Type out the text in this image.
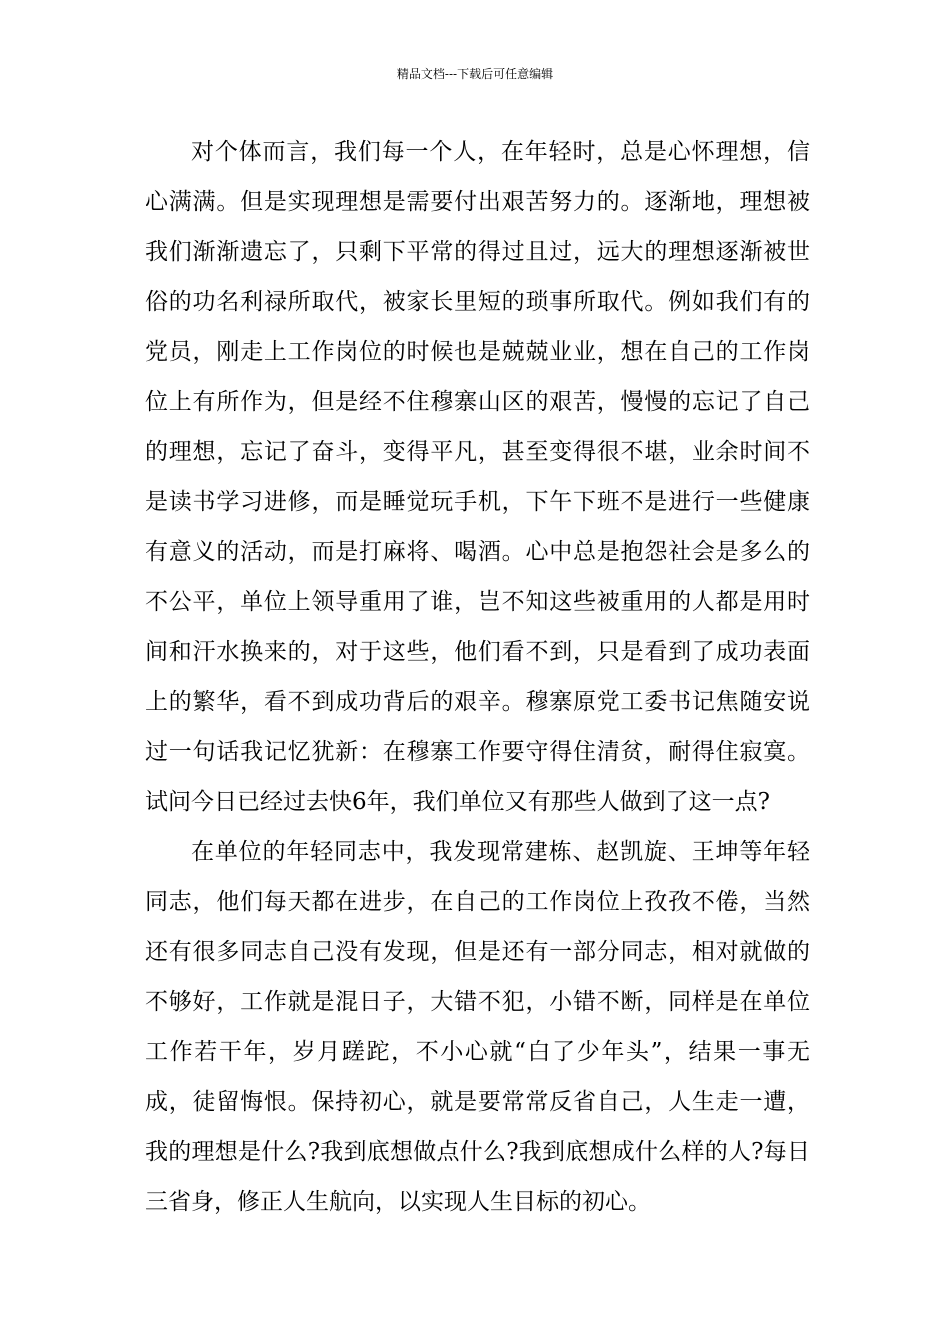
精品文档---下载后可任意编辑

对个体而言，我们每一个人，在年轻时，总是心怀理想，信心满满。但是实现理想是需要付出艰苦努力的。逐渐地，理想被我们渐渐遗忘了，只剩下平常的得过且过，远大的理想逐渐被世俗的功名利禄所取代，被家长里短的琐事所取代。例如我们有的党员，刚走上工作岗位的时候也是兢兢业业，想在自己的工作岗位上有所作为，但是经不住穆寨山区的艰苦，慢慢的忘记了自己的理想，忘记了奋斗，变得平凡，甚至变得很不堪，业余时间不是读书学习进修，而是睡觉玩手机，下午下班不是进行一些健康有意义的活动，而是打麻将、喝酒。心中总是抱怨社会是多么的不公平，单位上领导重用了谁，岂不知这些被重用的人都是用时间和汗水换来的，对于这些，他们看不到，只是看到了成功表面上的繁华，看不到成功背后的艰辛。穆寨原党工委书记焦随安说过一句话我记忆犹新：在穆寨工作要守得住清贫，耐得住寂寞。试问今日已经过去快6年，我们单位又有那些人做到了这一点?

在单位的年轻同志中，我发现常建栋、赵凯旋、王坤等年轻同志，他们每天都在进步，在自己的工作岗位上孜孜不倦，当然还有很多同志自己没有发现，但是还有一部分同志，相对就做的不够好，工作就是混日子，大错不犯，小错不断，同样是在单位工作若干年，岁月蹉跎，不小心就“白了少年头”，结果一事无成，徒留悔恨。保持初心，就是要常常反省自己，人生走一遭，我的理想是什么?我到底想做点什么?我到底想成什么样的人?每日三省身，修正人生航向，以实现人生目标的初心。
